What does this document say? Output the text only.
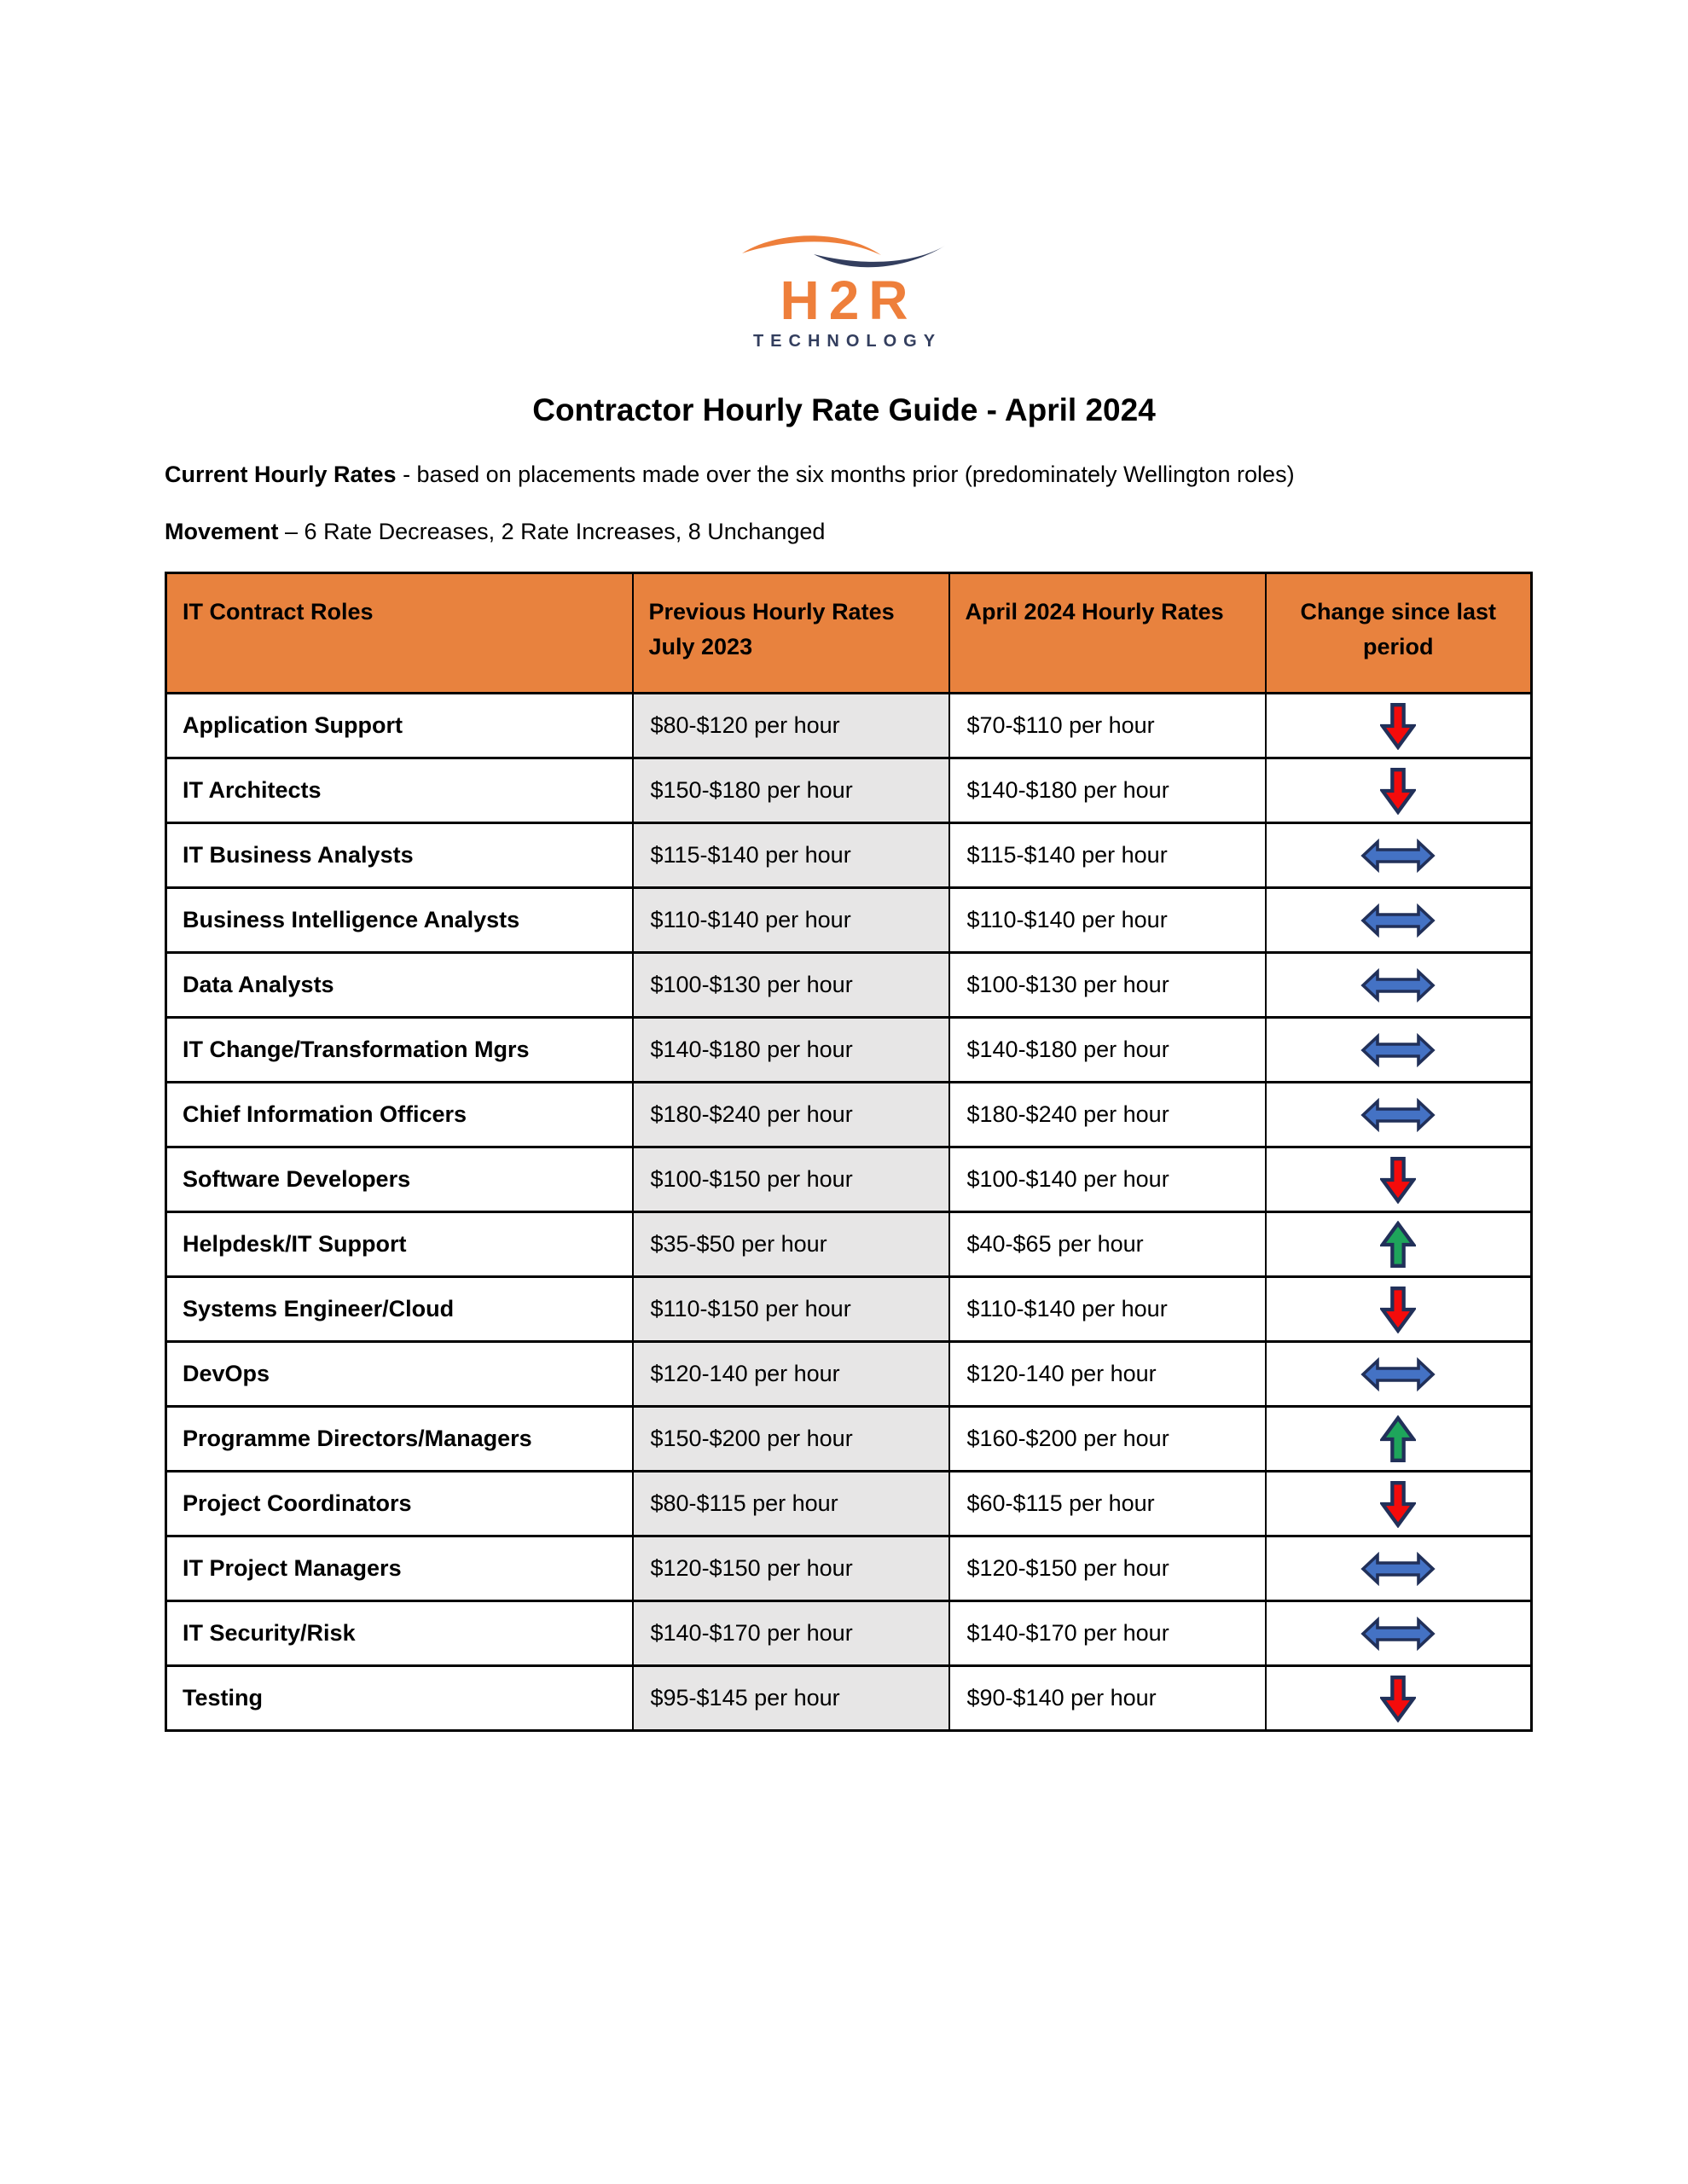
H2R
TECHNOLOGY
Contractor Hourly Rate Guide - April 2024
Current Hourly Rates - based on placements made over the six months prior (predominately Wellington roles)
Movement – 6 Rate Decreases, 2 Rate Increases, 8 Unchanged
IT Contract Roles	Previous Hourly Rates July 2023	April 2024 Hourly Rates	Change since last period
Application Support	$80-$120 per hour	$70-$110 per hour	
IT Architects	$150-$180 per hour	$140-$180 per hour	
IT Business Analysts	$115-$140 per hour	$115-$140 per hour	
Business Intelligence Analysts	$110-$140 per hour	$110-$140 per hour	
Data Analysts	$100-$130 per hour	$100-$130 per hour	
IT Change/Transformation Mgrs	$140-$180 per hour	$140-$180 per hour	
Chief Information Officers	$180-$240 per hour	$180-$240 per hour	
Software Developers	$100-$150 per hour	$100-$140 per hour	
Helpdesk/IT Support	$35-$50 per hour	$40-$65 per hour	
Systems Engineer/Cloud	$110-$150 per hour	$110-$140 per hour	
DevOps	$120-140 per hour	$120-140 per hour	
Programme Directors/Managers	$150-$200 per hour	$160-$200 per hour	
Project Coordinators	$80-$115 per hour	$60-$115 per hour	
IT Project Managers	$120-$150 per hour	$120-$150 per hour	
IT Security/Risk	$140-$170 per hour	$140-$170 per hour	
Testing	$95-$145 per hour	$90-$140 per hour	
